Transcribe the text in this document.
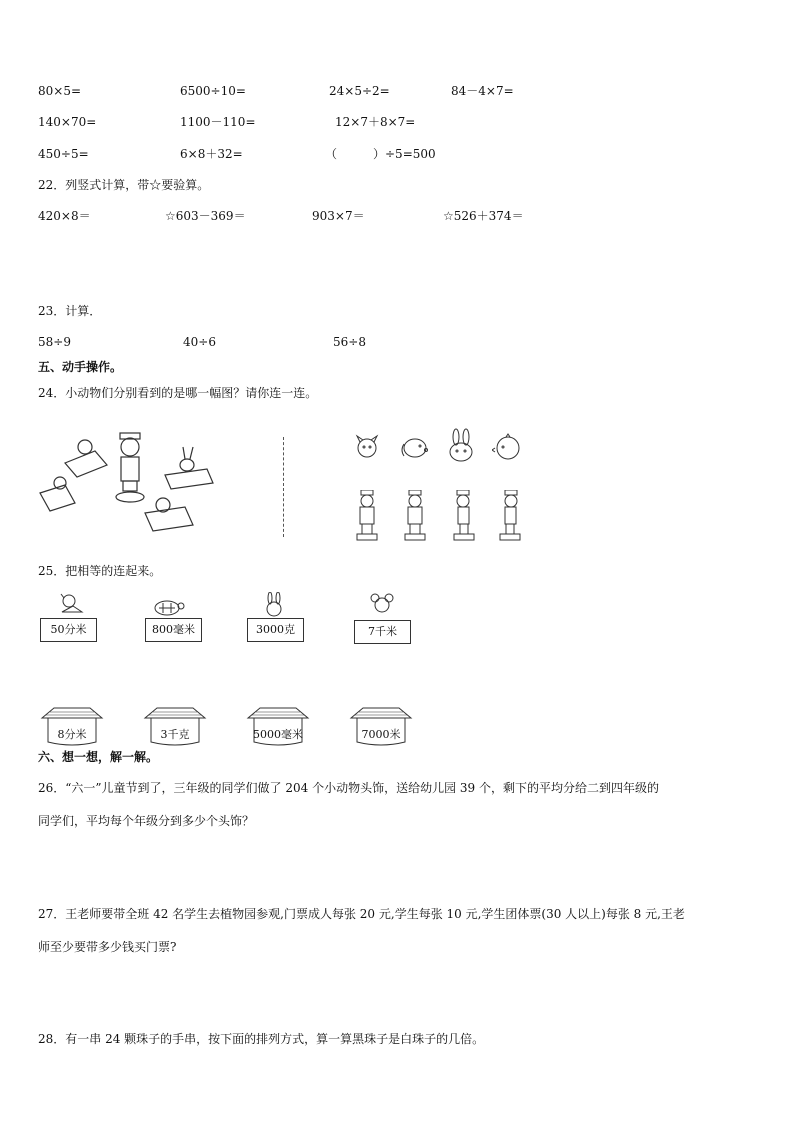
80×5=	6500÷10=	24×5÷2=	84－4×7=
140×70=	1100－110=	12×7＋8×7=
450÷5=	6×8＋32=	（　　　）÷5=500
22．列竖式计算，带☆要验算。
420×8＝	☆603－369＝	903×7＝	☆526＋374＝
23．计算．
58÷9	40÷6	56÷8
五、动手操作。
24．小动物们分别看到的是哪一幅图？请你连一连。
25．把相等的连起来。
50分米	800毫米	3000克	7千米
8分米	3千克	5000毫米	7000米
六、想一想，解一解。
26．“六一”儿童节到了，三年级的同学们做了 204 个小动物头饰，送给幼儿园 39 个，剩下的平均分给二到四年级的
同学们，平均每个年级分到多少个头饰？
27．王老师要带全班 42 名学生去植物园参观,门票成人每张 20 元,学生每张 10 元,学生团体票(30 人以上)每张 8 元,王老
师至少要带多少钱买门票?
28．有一串 24 颗珠子的手串，按下面的排列方式，算一算黑珠子是白珠子的几倍。
